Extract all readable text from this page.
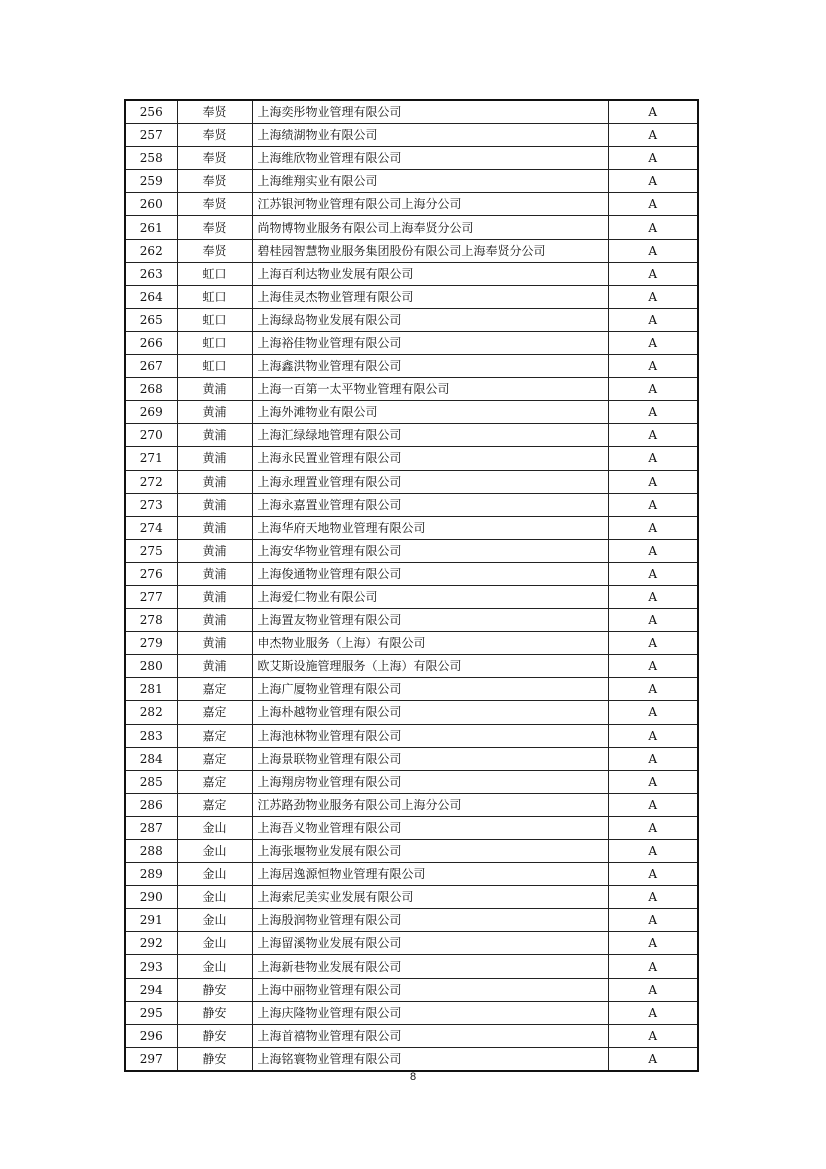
256	奉贤	上海奕彤物业管理有限公司	A
257	奉贤	上海绩湖物业有限公司	A
258	奉贤	上海维欣物业管理有限公司	A
259	奉贤	上海维翔实业有限公司	A
260	奉贤	江苏银河物业管理有限公司上海分公司	A
261	奉贤	尚物博物业服务有限公司上海奉贤分公司	A
262	奉贤	碧桂园智慧物业服务集团股份有限公司上海奉贤分公司	A
263	虹口	上海百利达物业发展有限公司	A
264	虹口	上海佳灵杰物业管理有限公司	A
265	虹口	上海绿岛物业发展有限公司	A
266	虹口	上海裕佳物业管理有限公司	A
267	虹口	上海鑫洪物业管理有限公司	A
268	黄浦	上海一百第一太平物业管理有限公司	A
269	黄浦	上海外滩物业有限公司	A
270	黄浦	上海汇绿绿地管理有限公司	A
271	黄浦	上海永民置业管理有限公司	A
272	黄浦	上海永理置业管理有限公司	A
273	黄浦	上海永嘉置业管理有限公司	A
274	黄浦	上海华府天地物业管理有限公司	A
275	黄浦	上海安华物业管理有限公司	A
276	黄浦	上海俊通物业管理有限公司	A
277	黄浦	上海爱仁物业有限公司	A
278	黄浦	上海置友物业管理有限公司	A
279	黄浦	申杰物业服务（上海）有限公司	A
280	黄浦	欧艾斯设施管理服务（上海）有限公司	A
281	嘉定	上海广厦物业管理有限公司	A
282	嘉定	上海朴越物业管理有限公司	A
283	嘉定	上海池林物业管理有限公司	A
284	嘉定	上海景联物业管理有限公司	A
285	嘉定	上海翔房物业管理有限公司	A
286	嘉定	江苏路劲物业服务有限公司上海分公司	A
287	金山	上海吾义物业管理有限公司	A
288	金山	上海张堰物业发展有限公司	A
289	金山	上海居逸源恒物业管理有限公司	A
290	金山	上海索尼美实业发展有限公司	A
291	金山	上海殷润物业管理有限公司	A
292	金山	上海留溪物业发展有限公司	A
293	金山	上海新巷物业发展有限公司	A
294	静安	上海中丽物业管理有限公司	A
295	静安	上海庆隆物业管理有限公司	A
296	静安	上海首禧物业管理有限公司	A
297	静安	上海铭寰物业管理有限公司	A
8
